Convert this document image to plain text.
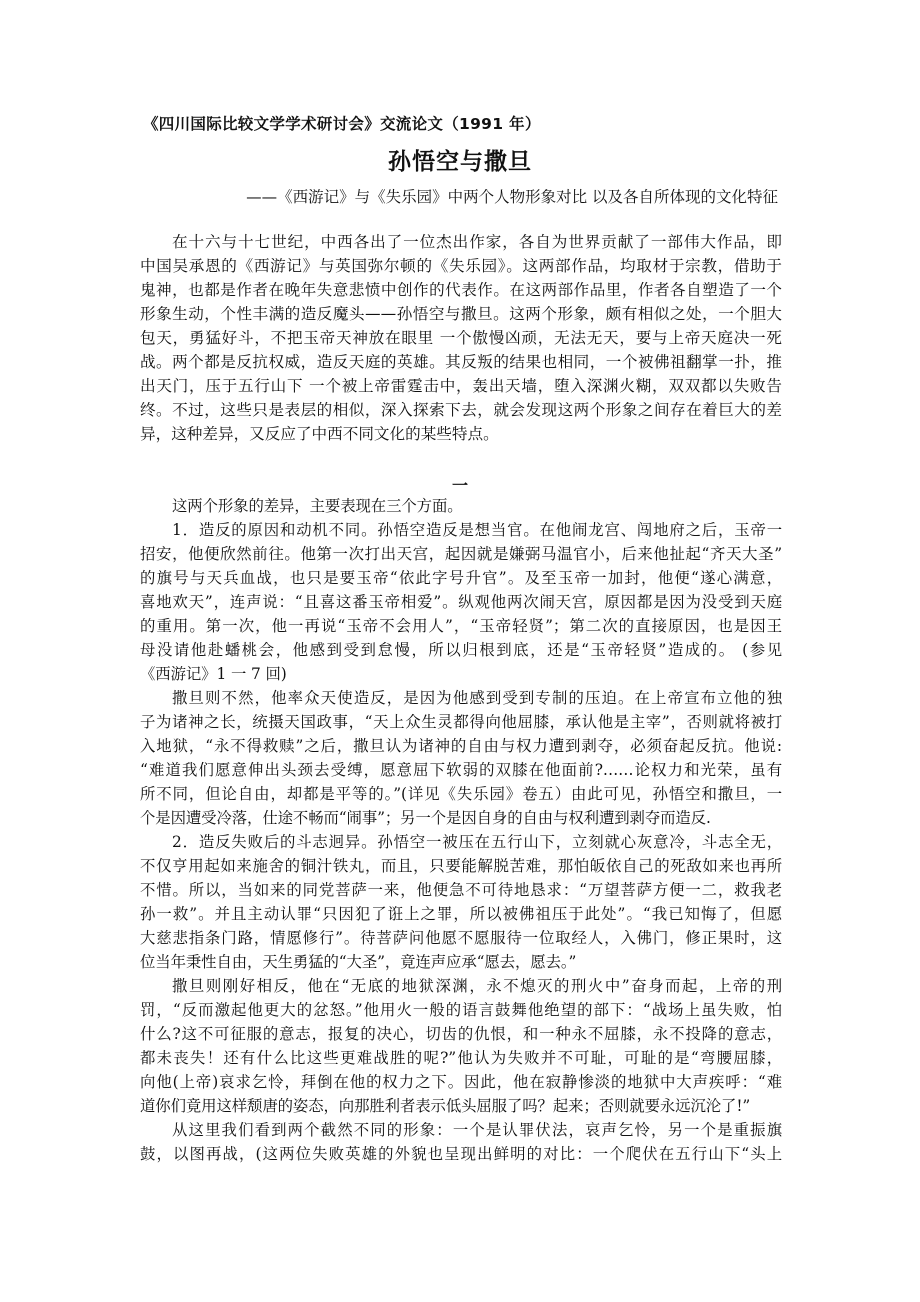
《四川国际比较文学学术研讨会》交流论文（1991 年）
孙悟空与撒旦
——《西游记》与《失乐园》中两个人物形象对比 以及各自所体现的文化特征
在十六与十七世纪，中西各出了一位杰出作家，各自为世界贡献了一部伟大作品，即
中国吴承恩的《西游记》与英国弥尔顿的《失乐园》。这两部作品，均取材于宗教，借助于
鬼神，也都是作者在晚年失意悲愤中创作的代表作。在这两部作品里，作者各自塑造了一个
形象生动，个性丰满的造反魔头——孙悟空与撒旦。这两个形象，颇有相似之处，一个胆大
包天，勇猛好斗，不把玉帝天神放在眼里 一个傲慢凶顽，无法无天，要与上帝天庭决一死
战。两个都是反抗权威，造反天庭的英雄。其反叛的结果也相同，一个被佛祖翻掌一扑，推
出天门，压于五行山下 一个被上帝雷霆击中，轰出天墙，堕入深渊火糊，双双都以失败告
终。不过，这些只是表层的相似，深入探索下去，就会发现这两个形象之间存在着巨大的差
异，这种差异，又反应了中西不同文化的某些特点。
一
这两个形象的差异，主要表现在三个方面。
1．造反的原因和动机不同。孙悟空造反是想当官。在他闹龙宫、闯地府之后，玉帝一
招安，他便欣然前往。他第一次打出天宫，起因就是嫌弼马温官小，后来他扯起“齐天大圣”
的旗号与天兵血战，也只是要玉帝“依此字号升官”。及至玉帝一加封，他便“遂心满意，
喜地欢天”，连声说：“且喜这番玉帝相爱”。纵观他两次闹天宫，原因都是因为没受到天庭
的重用。第一次，他一再说“玉帝不会用人”，“玉帝轻贤”；第二次的直接原因，也是因王
母没请他赴蟠桃会，他感到受到怠慢，所以归根到底，还是“玉帝轻贤”造成的。 (参见
《西游记》1 一 7 回)
撒旦则不然，他率众天使造反，是因为他感到受到专制的压迫。在上帝宣布立他的独
子为诸神之长，统摄天国政事，“天上众生灵都得向他屈膝，承认他是主宰”，否则就将被打
入地狱，“永不得救赎”之后，撒旦认为诸神的自由与权力遭到剥夺，必须奋起反抗。他说:
“难道我们愿意伸出头颈去受缚，愿意屈下软弱的双膝在他面前?……论权力和光荣，虽有
所不同，但论自由，却都是平等的。”(详见《失乐园》卷五）由此可见，孙悟空和撒旦，一
个是因遭受冷落，仕途不畅而“闹事”；另一个是因自身的自由与权利遭到剥夺而造反.
2．造反失败后的斗志迥异。孙悟空一被压在五行山下，立刻就心灰意冷，斗志全无，
不仅亨用起如来施舍的铜汁铁丸，而且，只要能解脱苦难，那怕皈依自己的死敌如来也再所
不惜。所以，当如来的同党菩萨一来，他便急不可待地恳求：“万望菩萨方便一二，救我老
孙一救”。并且主动认罪“只因犯了诳上之罪，所以被佛祖压于此处”。“我已知悔了，但愿
大慈悲指条门路，情愿修行”。待菩萨问他愿不愿服待一位取经人，入佛门，修正果时，这
位当年秉性自由，天生勇猛的“大圣”，竟连声应承“愿去，愿去。”
撒旦则刚好相反，他在“无底的地狱深渊，永不熄灭的刑火中”奋身而起，上帝的刑
罚，“反而激起他更大的忿怒。”他用火一般的语言鼓舞他绝望的部下：“战场上虽失败，怕
什么?这不可征服的意志，报复的决心，切齿的仇恨，和一种永不屈膝，永不投降的意志，
都未丧失！还有什么比这些更难战胜的呢?”他认为失败并不可耻，可耻的是“弯腰屈膝，
向他(上帝)哀求乞怜，拜倒在他的权力之下。因此，他在寂静惨淡的地狱中大声疾呼：“难
道你们竟用这样颓唐的姿态，向那胜利者表示低头屈服了吗？起来；否则就要永远沉沦了!”
从这里我们看到两个截然不同的形象：一个是认罪伏法，哀声乞怜，另一个是重振旗
鼓，以图再战，(这两位失败英雄的外貌也呈现出鲜明的对比：一个爬伏在五行山下“头上
